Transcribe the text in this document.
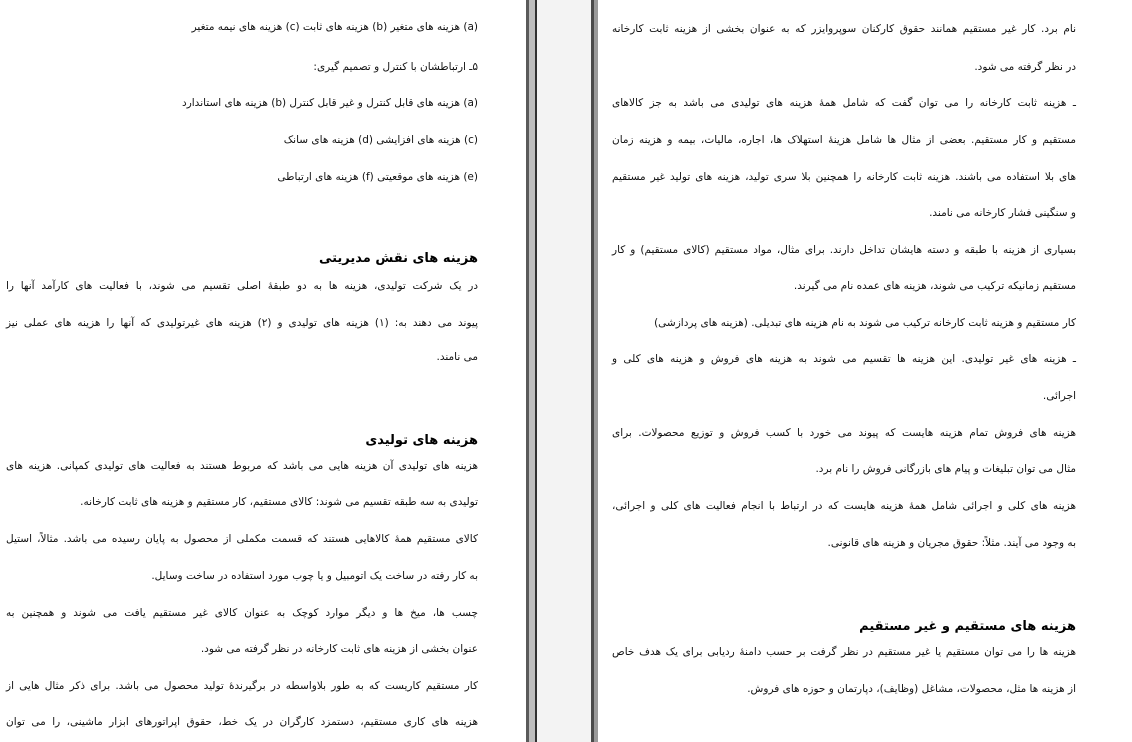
(a) هزینه های متغیر (b) هزینه های ثابت (c) هزینه های نیمه متغیر

۵ـ ارتباطشان با کنترل و تصمیم گیری:

(a) هزینه های قابل کنترل و غیر قابل کنترل (b) هزینه های استاندارد

(c) هزینه های افزایشی (d) هزینه های سانک

(e) هزینه های موقعیتی (f) هزینه های ارتباطی

هزینه های نقش مدیریتی

در یک شرکت تولیدی، هزینه ها به دو طبقهٔ اصلی تقسیم می شوند، با فعالیت های کارآمد آنها را

پیوند می دهند به: (۱) هزینه های تولیدی و (۲) هزینه های غیرتولیدی که آنها را هزینه های عملی نیز

می نامند.

هزینه های تولیدی

هزینه های تولیدی آن هزینه هایی می باشد که مربوط هستند به فعالیت های تولیدی کمپانی. هزینه های

تولیدی به سه طبقه تقسیم می شوند: کالای مستقیم، کار مستقیم و هزینه های ثابت کارخانه.

کالای مستقیم همهٔ کالاهایی هستند که قسمت مکملی از محصول به پایان رسیده می باشد. مثالاً، استیل

به کار رفته در ساخت یک اتومبیل و یا چوب مورد استفاده در ساخت وسایل.

چسب ها، میخ ها و دیگر موارد کوچک به عنوان کالای غیر مستقیم یافت می شوند و همچنین به

عنوان بخشی از هزینه های ثابت کارخانه در نظر گرفته می شود.

کار مستقیم کاریست که به طور بلاواسطه در برگیرندهٔ تولید محصول می باشد. برای ذکر مثال هایی از

هزینه های کاری مستقیم، دستمزد کارگران در یک خط، حقوق اپراتورهای ابزار ماشینی، را می توان

نام برد. کار غیر مستقیم همانند حقوق کارکنان سوپروایزر که به عنوان بخشی از هزینه ثابت کارخانه

در نظر گرفته می شود.

ـ هزینه ثابت کارخانه را می توان گفت که شامل همهٔ هزینه های تولیدی می باشد به جز کالاهای

مستقیم و کار مستقیم. بعضی از مثال ها شامل هزینهٔ استهلاک ها، اجاره، مالیات، بیمه و هزینه زمان

های بلا استفاده می باشند. هزینه ثابت کارخانه را همچنین بلا سری تولید، هزینه های تولید غیر مستقیم

و سنگینی فشار کارخانه می نامند.

بسیاری از هزینه با طبقه و دسته هایشان تداخل دارند. برای مثال، مواد مستقیم (کالای مستقیم) و کار

مستقیم زمانیکه ترکیب می شوند، هزینه های عمده نام می گیرند.

کار مستقیم و هزینه ثابت کارخانه ترکیب می شوند به نام هزینه های تبدیلی. (هزینه های پردازشی)

ـ هزینه های غیر تولیدی. این هزینه ها تقسیم می شوند به هزینه های فروش و هزینه های کلی و

اجرائی.

هزینه های فروش تمام هزینه هایست که پیوند می خورد با کسب فروش و توزیع محصولات. برای

مثال می توان تبلیغات و پیام های بازرگانی فروش را نام برد.

هزینه های کلی و اجرائی شامل همهٔ هزینه هایست که در ارتباط با انجام فعالیت های کلی و اجرائی،

به وجود می آیند. مثلاً: حقوق مجریان و هزینه های قانونی.

هزینه های مستقیم و غیر مستقیم

هزینه ها را می توان مستقیم یا غیر مستقیم در نظر گرفت بر حسب دامنهٔ ردیابی برای یک هدف خاص

از هزینه ها مثل، محصولات، مشاغل (وظایف)، دپارتمان و حوزه های فروش.
